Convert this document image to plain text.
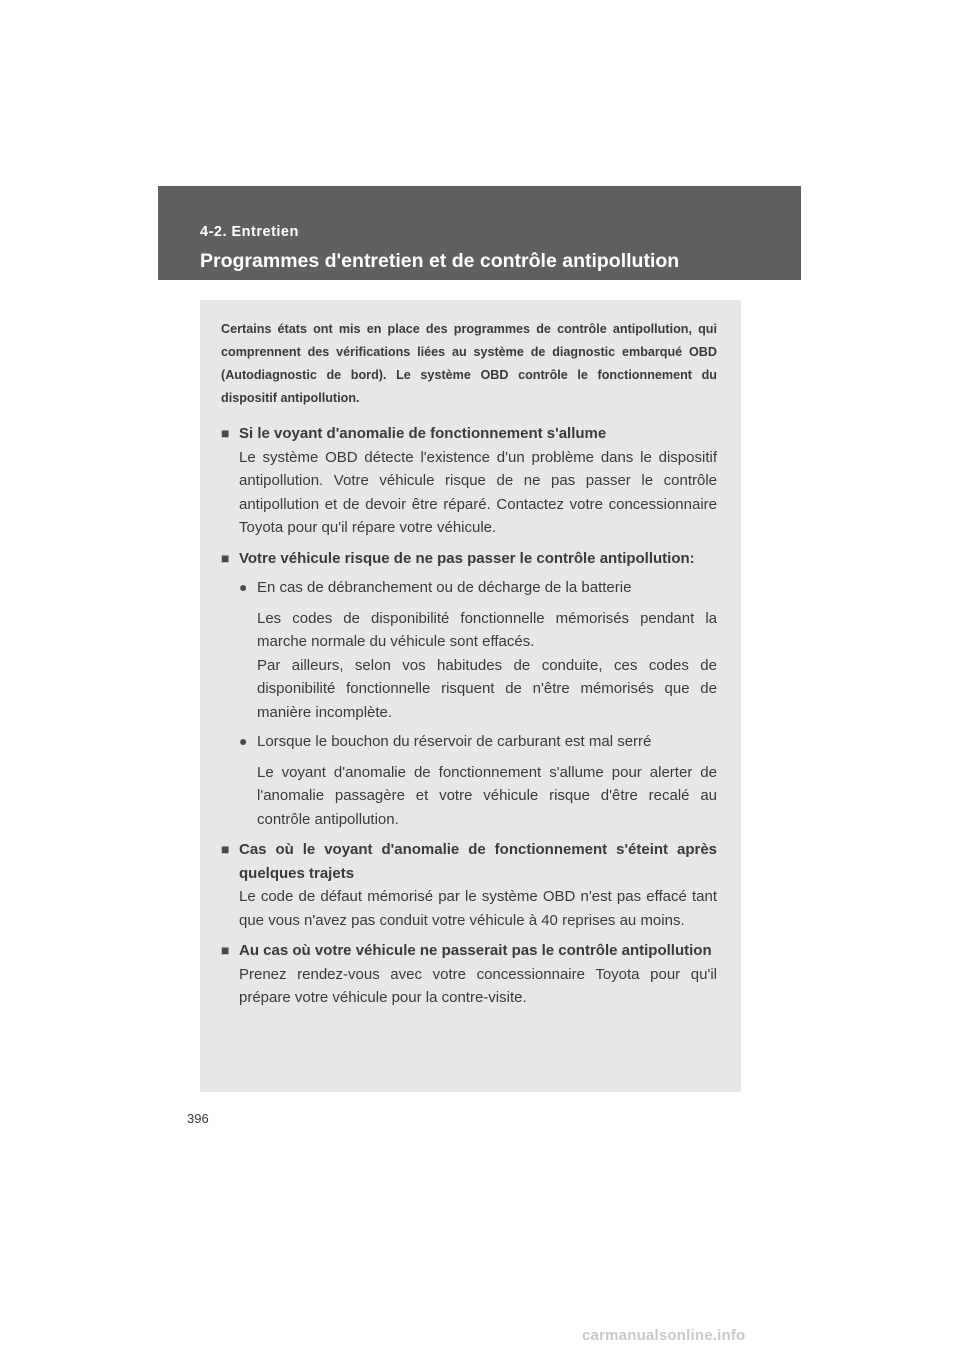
4-2. Entretien
Programmes d'entretien et de contrôle antipollution
396

Certains états ont mis en place des programmes de contrôle antipollution, qui comprennent des vérifications liées au système de diagnostic embarqué OBD (Autodiagnostic de bord). Le système OBD contrôle le fonctionnement du dispositif antipollution.

■ Si le voyant d'anomalie de fonctionnement s'allume

Le système OBD détecte l'existence d'un problème dans le dispositif antipollution. Votre véhicule risque de ne pas passer le contrôle antipollution et de devoir être réparé. Contactez votre concessionnaire Toyota pour qu'il répare votre véhicule.

■ Votre véhicule risque de ne pas passer le contrôle antipollution:
● En cas de débranchement ou de décharge de la batterie

Les codes de disponibilité fonctionnelle mémorisés pendant la marche normale du véhicule sont effacés.

Par ailleurs, selon vos habitudes de conduite, ces codes de disponibilité fonctionnelle risquent de n'être mémorisés que de manière incomplète.

● Lorsque le bouchon du réservoir de carburant est mal serré

Le voyant d'anomalie de fonctionnement s'allume pour alerter de l'anomalie passagère et votre véhicule risque d'être recalé au contrôle antipollution.

■ Cas où le voyant d'anomalie de fonctionnement s'éteint après quelques trajets

Le code de défaut mémorisé par le système OBD n'est pas effacé tant que vous n'avez pas conduit votre véhicule à 40 reprises au moins.

■ Au cas où votre véhicule ne passerait pas le contrôle antipollution

Prenez rendez-vous avec votre concessionnaire Toyota pour qu'il prépare votre véhicule pour la contre-visite.

carmanualsonline.info
